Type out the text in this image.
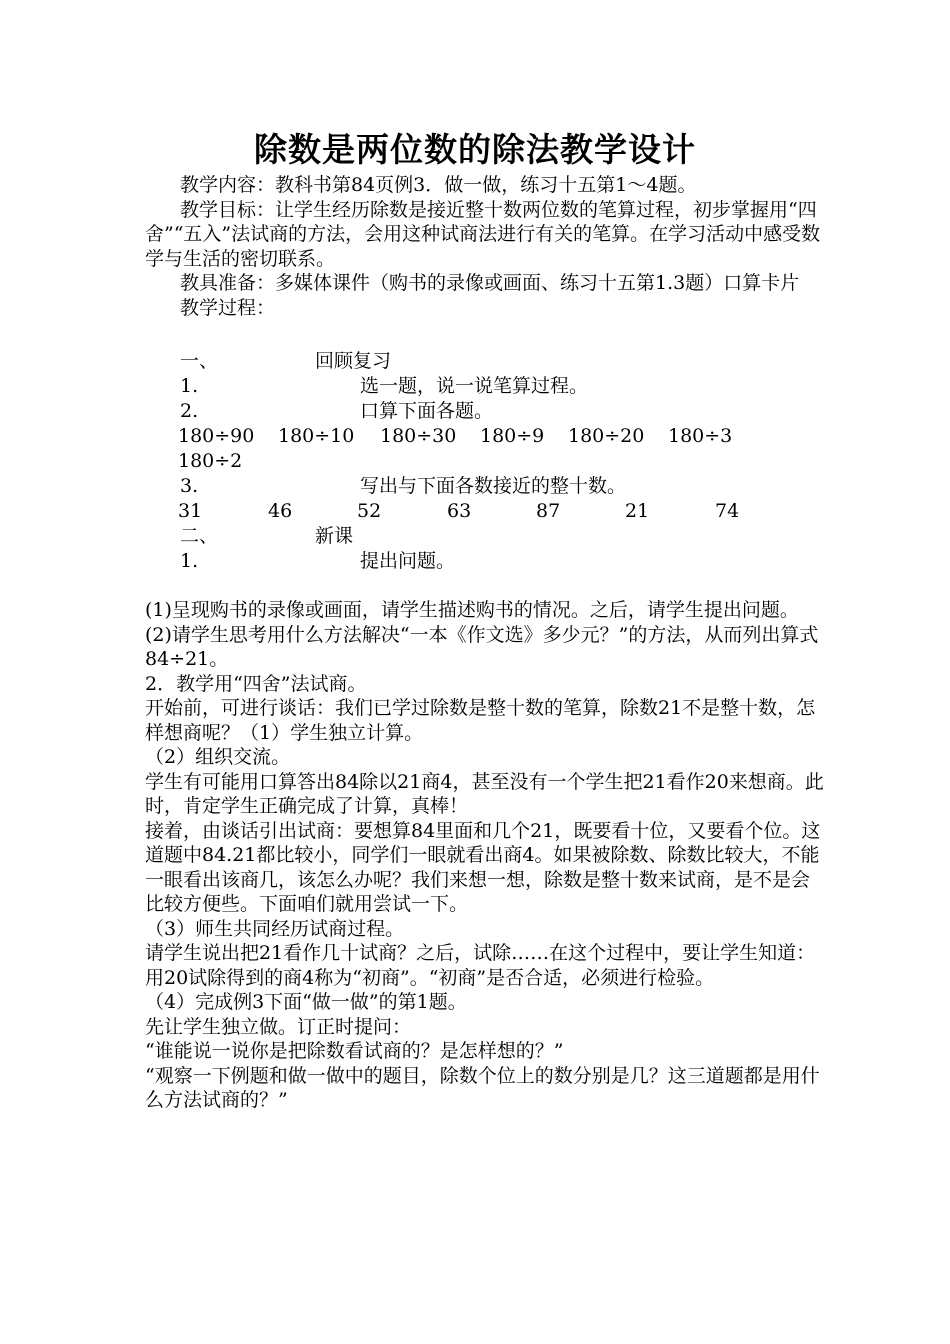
除数是两位数的除法教学设计

教学内容：教科书第84页例3．做一做，练习十五第1～4题。

教学目标：让学生经历除数是接近整十数两位数的笔算过程，初步掌握用“四舍”“五入”法试商的方法，会用这种试商法进行有关的笔算。在学习活动中感受数学与生活的密切联系。

教具准备：多媒体课件（购书的录像或画面、练习十五第1.3题）口算卡片

教学过程：

一、	回顾复习
1.	选一题，说一说笔算过程。
2.	口算下面各题。
180÷90 180÷10 180÷30 180÷9 180÷20 180÷3
180÷2
3.	写出与下面各数接近的整十数。
31	46	52	63	87	21	74
二、	新课
1.	提出问题。

(1)呈现购书的录像或画面，请学生描述购书的情况。之后，请学生提出问题。

(2)请学生思考用什么方法解决“一本《作文选》多少元？”的方法，从而列出算式84÷21。

2．教学用“四舍”法试商。

开始前，可进行谈话：我们已学过除数是整十数的笔算，除数21不是整十数，怎样想商呢？（1）学生独立计算。

（2）组织交流。

学生有可能用口算答出84除以21商4，甚至没有一个学生把21看作20来想商。此时，肯定学生正确完成了计算，真棒！

接着，由谈话引出试商：要想算84里面和几个21，既要看十位，又要看个位。这道题中84.21都比较小，同学们一眼就看出商4。如果被除数、除数比较大，不能一眼看出该商几，该怎么办呢？我们来想一想，除数是整十数来试商，是不是会比较方便些。下面咱们就用尝试一下。

（3）师生共同经历试商过程。

请学生说出把21看作几十试商？之后，试除……在这个过程中，要让学生知道：用20试除得到的商4称为“初商”。“初商”是否合适，必须进行检验。

（4）完成例3下面“做一做”的第1题。

先让学生独立做。订正时提问：

“谁能说一说你是把除数看试商的？是怎样想的？”

“观察一下例题和做一做中的题目，除数个位上的数分别是几？这三道题都是用什么方法试商的？”
